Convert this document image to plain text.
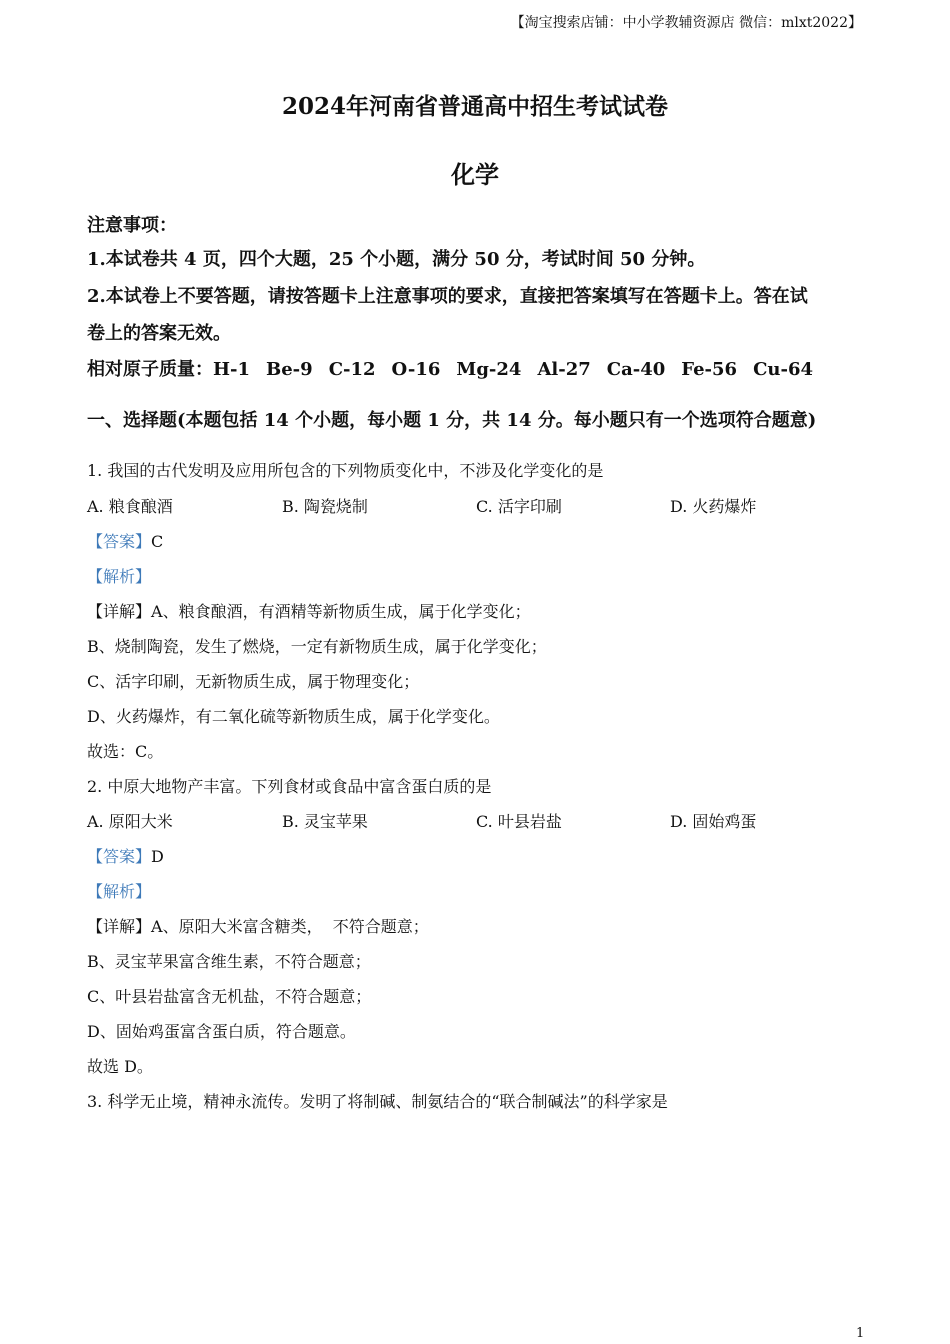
【淘宝搜索店铺：中小学教辅资源店 微信：mlxt2022】
2024年河南省普通高中招生考试试卷
化学
注意事项：
1.本试卷共 4 页，四个大题，25 个小题，满分 50 分，考试时间 50 分钟。
2.本试卷上不要答题，请按答题卡上注意事项的要求，直接把答案填写在答题卡上。答在试
卷上的答案无效。
相对原子质量：H-1 Be-9 C-12 O-16 Mg-24 Al-27 Ca-40 Fe-56 Cu-64
一、选择题(本题包括 14 个小题，每小题 1 分，共 14 分。每小题只有一个选项符合题意)
1. 我国的古代发明及应用所包含的下列物质变化中，不涉及化学变化的是
A. 粮食酿酒	B. 陶瓷烧制	C. 活字印刷	D. 火药爆炸
【答案】C
【解析】
【详解】A、粮食酿酒，有酒精等新物质生成，属于化学变化；
B、烧制陶瓷，发生了燃烧，一定有新物质生成，属于化学变化；
C、活字印刷，无新物质生成，属于物理变化；
D、火药爆炸，有二氧化硫等新物质生成，属于化学变化。
故选：C。
2. 中原大地物产丰富。下列食材或食品中富含蛋白质的是
A. 原阳大米	B. 灵宝苹果	C. 叶县岩盐	D. 固始鸡蛋
【答案】D
【解析】
【详解】A、原阳大米富含糖类，  不符合题意；
B、灵宝苹果富含维生素，不符合题意；
C、叶县岩盐富含无机盐，不符合题意；
D、固始鸡蛋富含蛋白质，符合题意。
故选 D。
3. 科学无止境，精神永流传。发明了将制碱、制氨结合的“联合制碱法”的科学家是
1
